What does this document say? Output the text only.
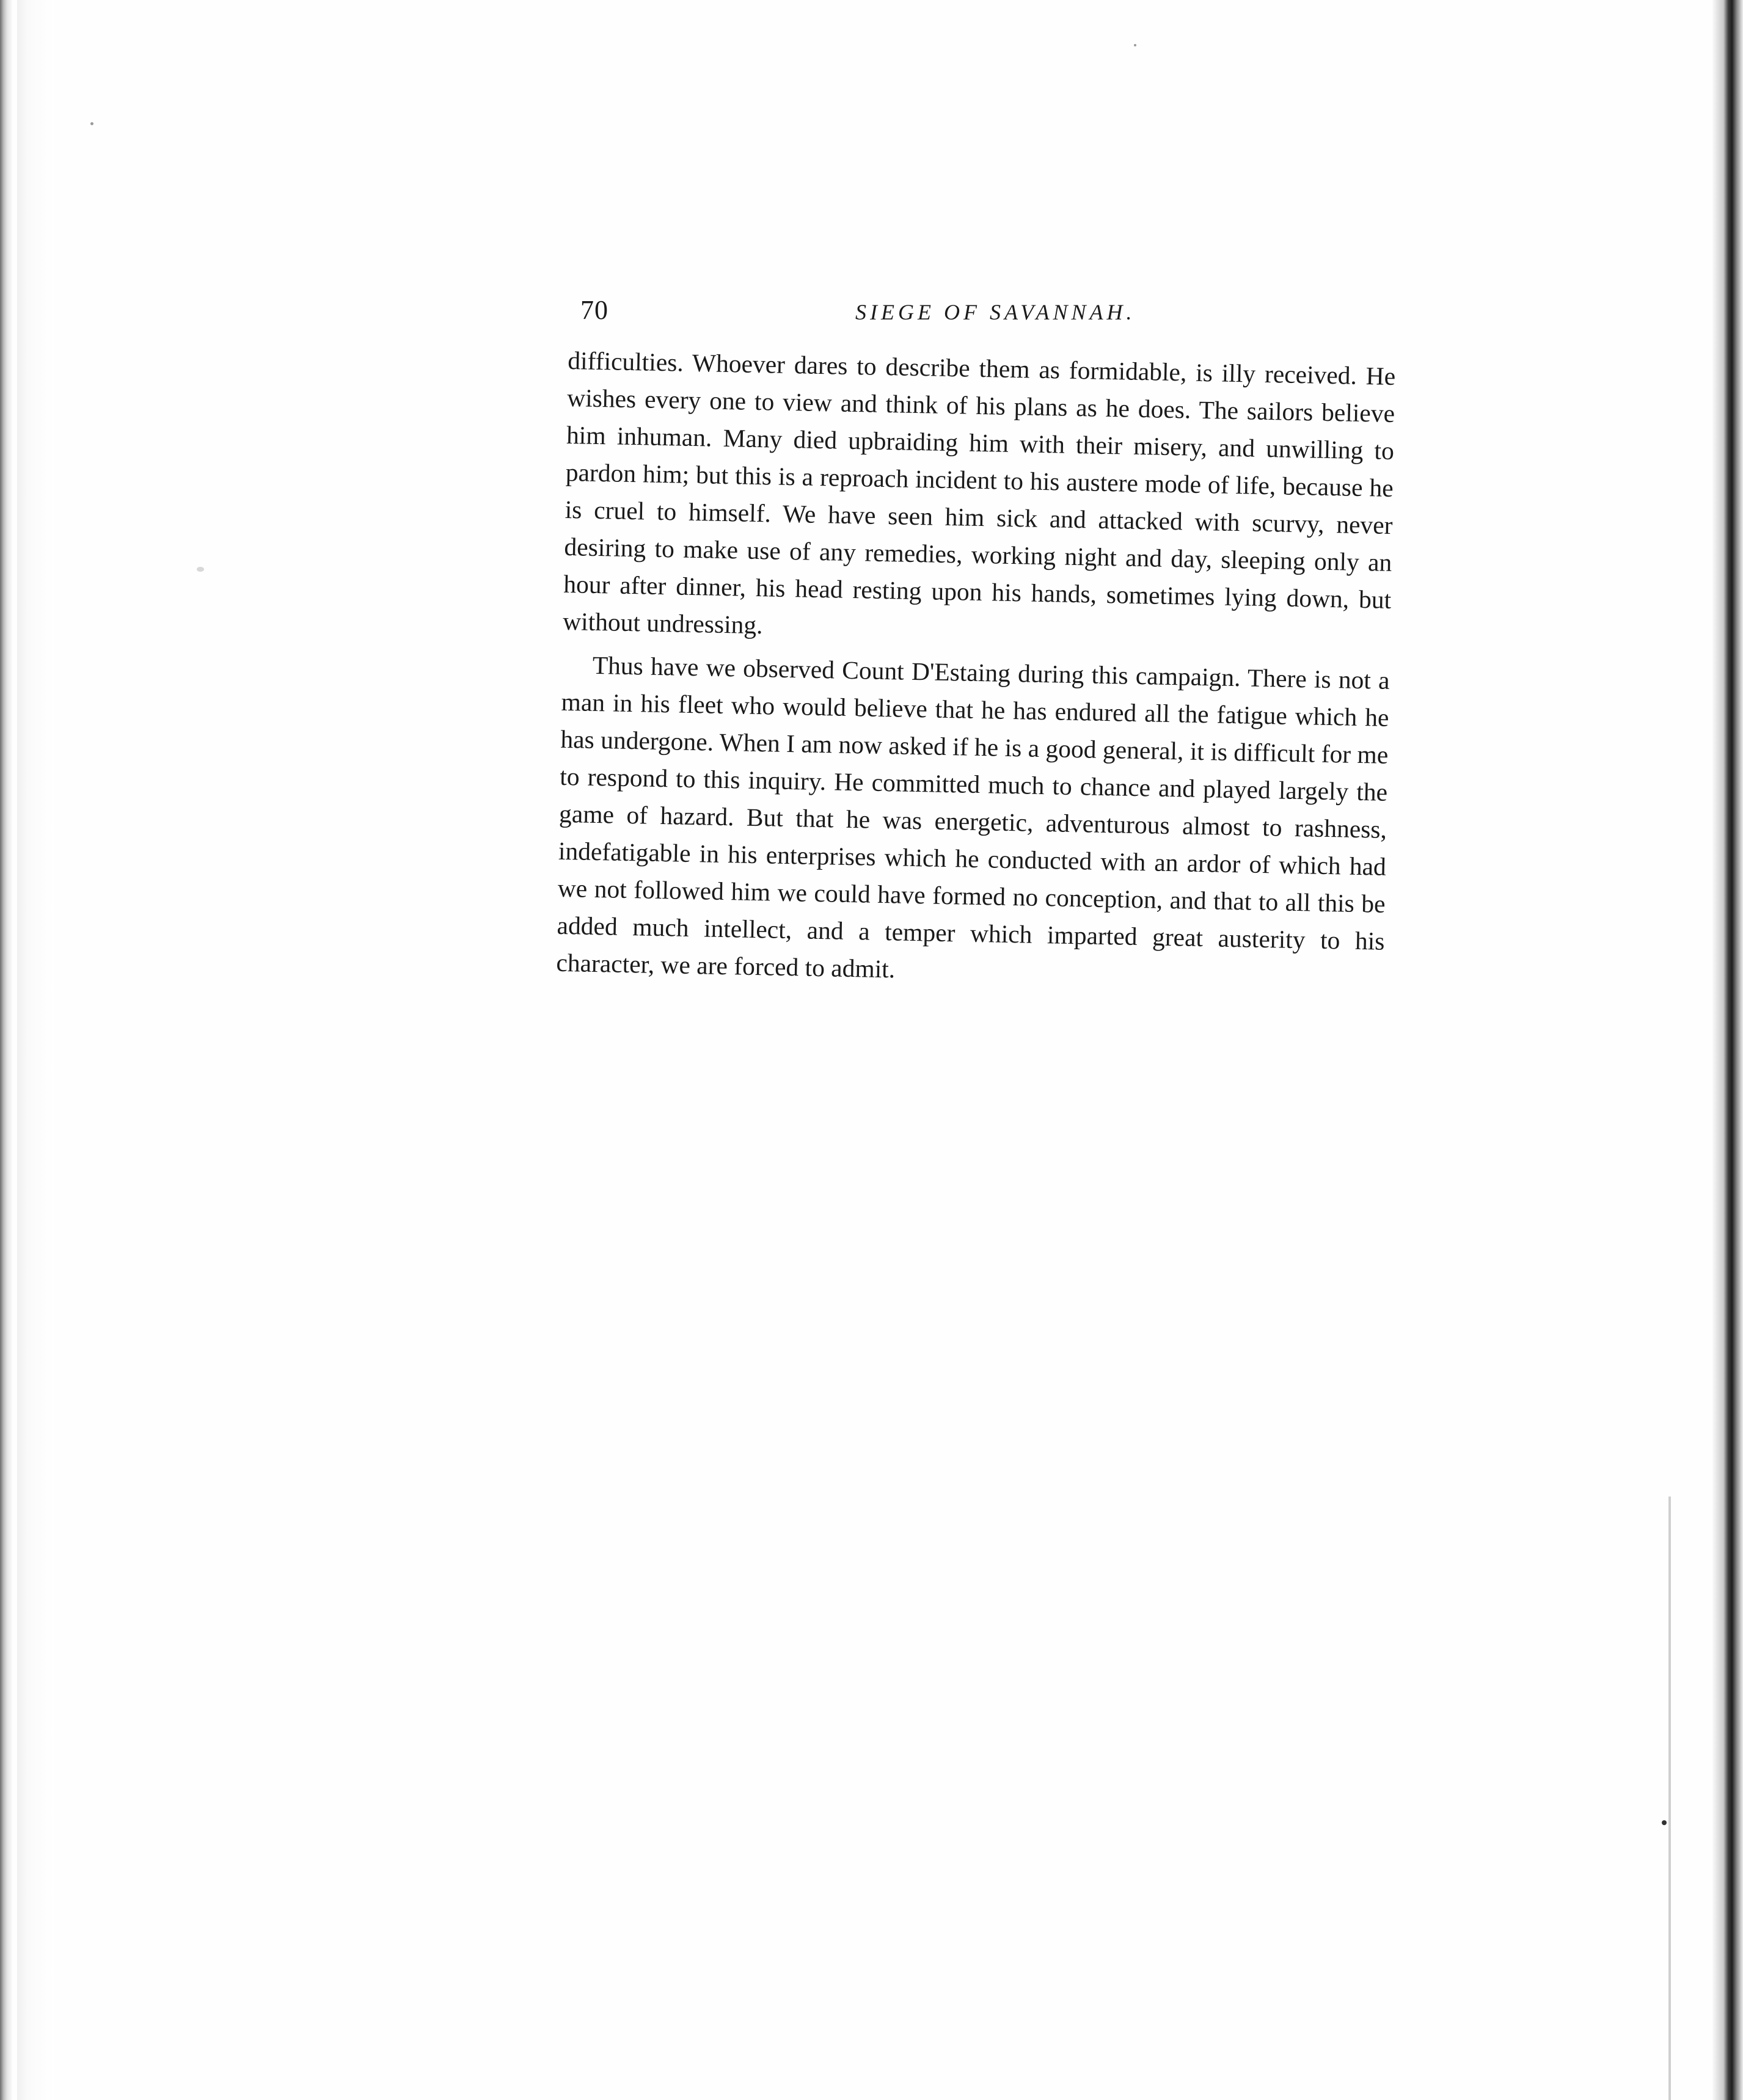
70	SIEGE OF SAVANNAH.

difficulties. Whoever dares to describe them as formidable, is illy received. He wishes every one to view and think of his plans as he does. The sailors believe him inhuman. Many died upbraiding him with their misery, and unwilling to pardon him; but this is a reproach incident to his austere mode of life, because he is cruel to himself. We have seen him sick and attacked with scurvy, never desiring to make use of any remedies, working night and day, sleeping only an hour after dinner, his head resting upon his hands, sometimes lying down, but without undressing.

Thus have we observed Count D'Estaing during this campaign. There is not a man in his fleet who would believe that he has endured all the fatigue which he has undergone. When I am now asked if he is a good general, it is difficult for me to respond to this inquiry. He committed much to chance and played largely the game of hazard. But that he was energetic, adventurous almost to rashness, indefatigable in his enterprises which he conducted with an ardor of which had we not followed him we could have formed no conception, and that to all this be added much intellect, and a temper which imparted great austerity to his character, we are forced to admit.
